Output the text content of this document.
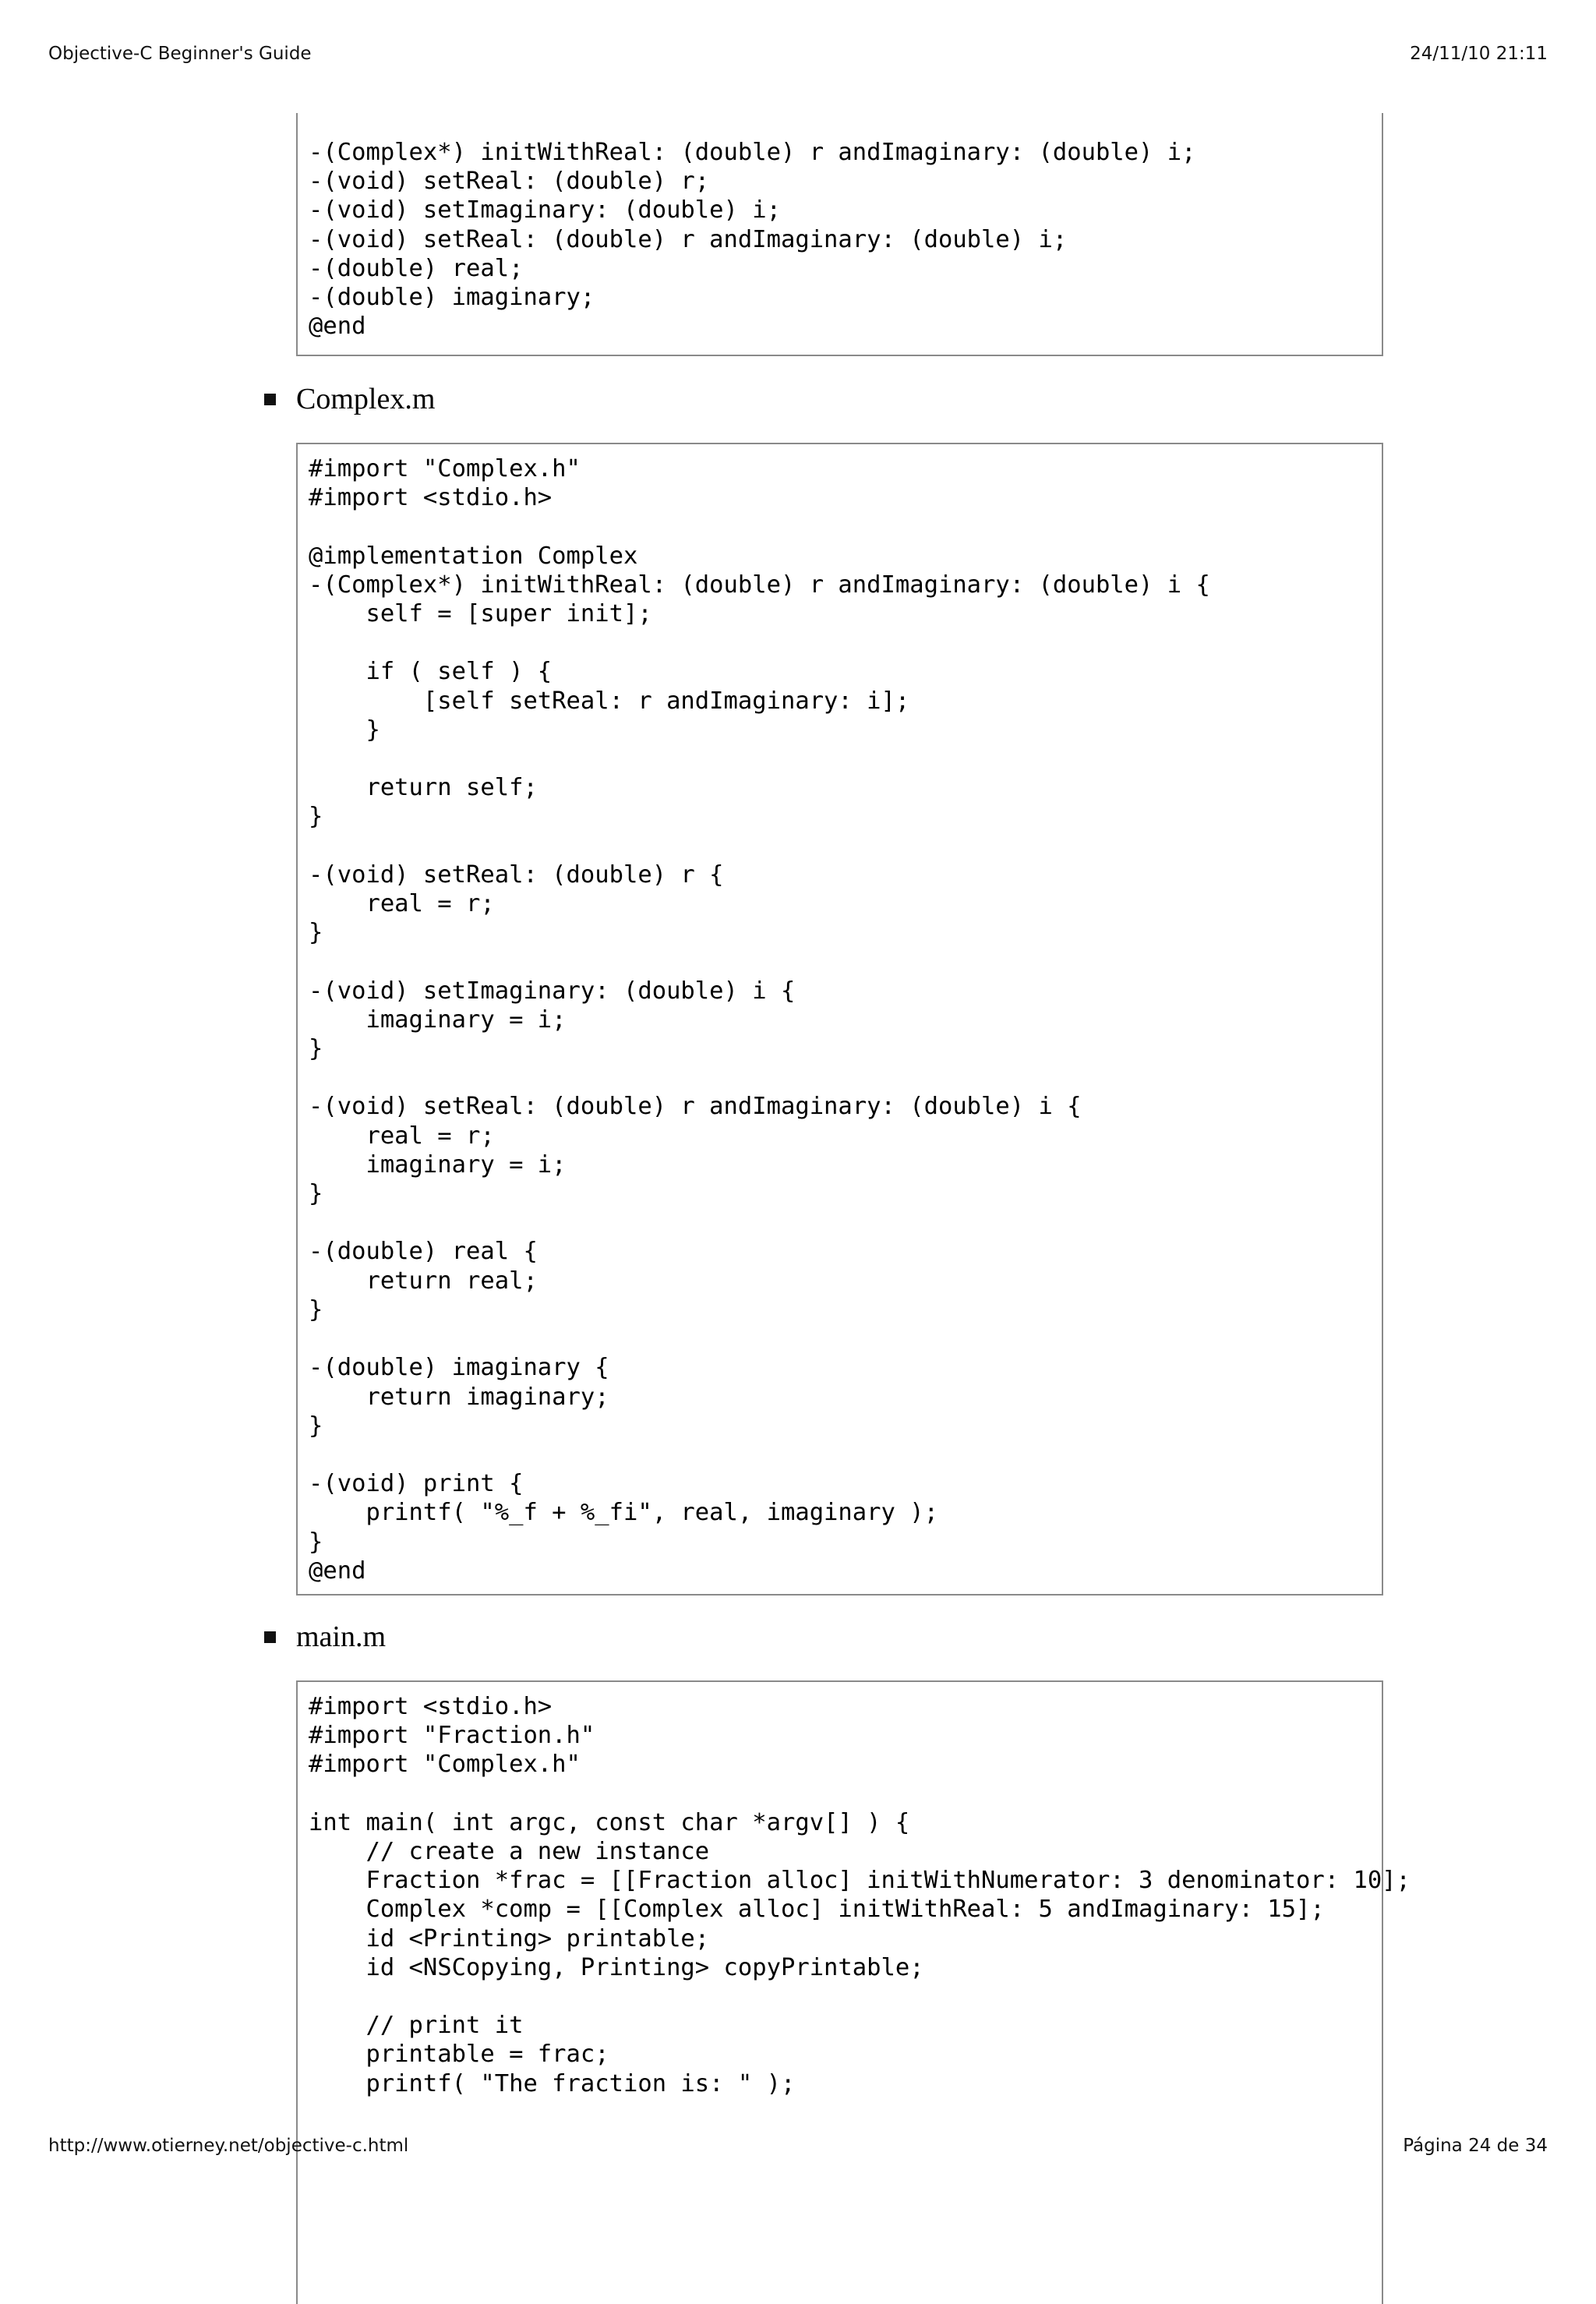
Objective-C Beginner's Guide	24/11/10 21:11
-(Complex*) initWithReal: (double) r andImaginary: (double) i;
-(void) setReal: (double) r;
-(void) setImaginary: (double) i;
-(void) setReal: (double) r andImaginary: (double) i;
-(double) real;
-(double) imaginary;
@end
Complex.m
#import "Complex.h"
#import <stdio.h>

@implementation Complex
-(Complex*) initWithReal: (double) r andImaginary: (double) i {
self = [super init];

if ( self ) {
[self setReal: r andImaginary: i];
}

return self;
}

-(void) setReal: (double) r {
real = r;
}

-(void) setImaginary: (double) i {
imaginary = i;
}

-(void) setReal: (double) r andImaginary: (double) i {
real = r;
imaginary = i;
}

-(double) real {
return real;
}

-(double) imaginary {
return imaginary;
}

-(void) print {
printf( "%_f + %_fi", real, imaginary );
}
@end
main.m
#import <stdio.h>
#import "Fraction.h"
#import "Complex.h"

int main( int argc, const char *argv[] ) {
// create a new instance
Fraction *frac = [[Fraction alloc] initWithNumerator: 3 denominator: 10];
Complex *comp = [[Complex alloc] initWithReal: 5 andImaginary: 15];
id <Printing> printable;
id <NSCopying, Printing> copyPrintable;

// print it
printable = frac;
printf( "The fraction is: " );
http://www.otierney.net/objective-c.html	Página 24 de 34
